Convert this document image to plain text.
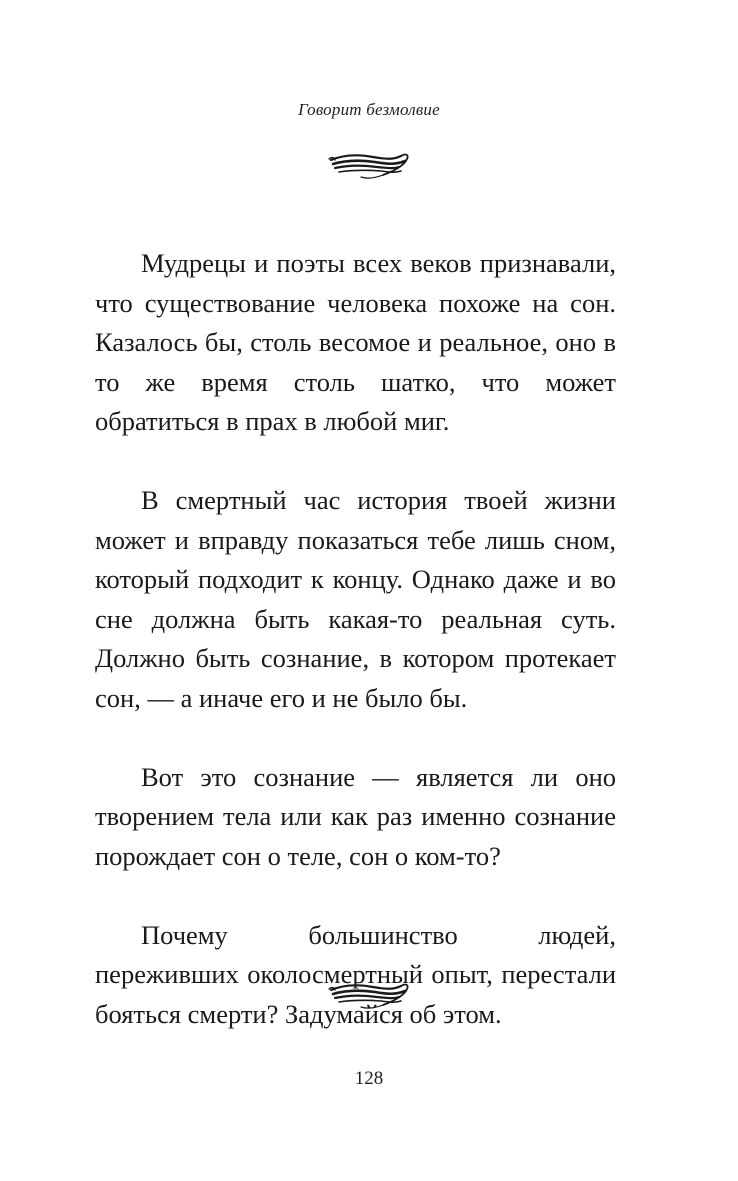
Говорит безмолвие

Мудрецы и поэты всех веков признавали, что существование человека похоже на сон. Казалось бы, столь весомое и реальное, оно в то же время столь шатко, что может обратиться в прах в любой миг.

В смертный час история твоей жизни может и вправду показаться тебе лишь сном, который подходит к концу. Однако даже и во сне должна быть какая-то реальная суть. Должно быть сознание, в котором протекает сон, — а иначе его и не было бы.

Вот это сознание — является ли оно творением тела или как раз именно сознание порождает сон о теле, сон о ком-то?

Почему большинство людей, переживших околосмертный опыт, перестали бояться смерти? Задумайся об этом.

128
